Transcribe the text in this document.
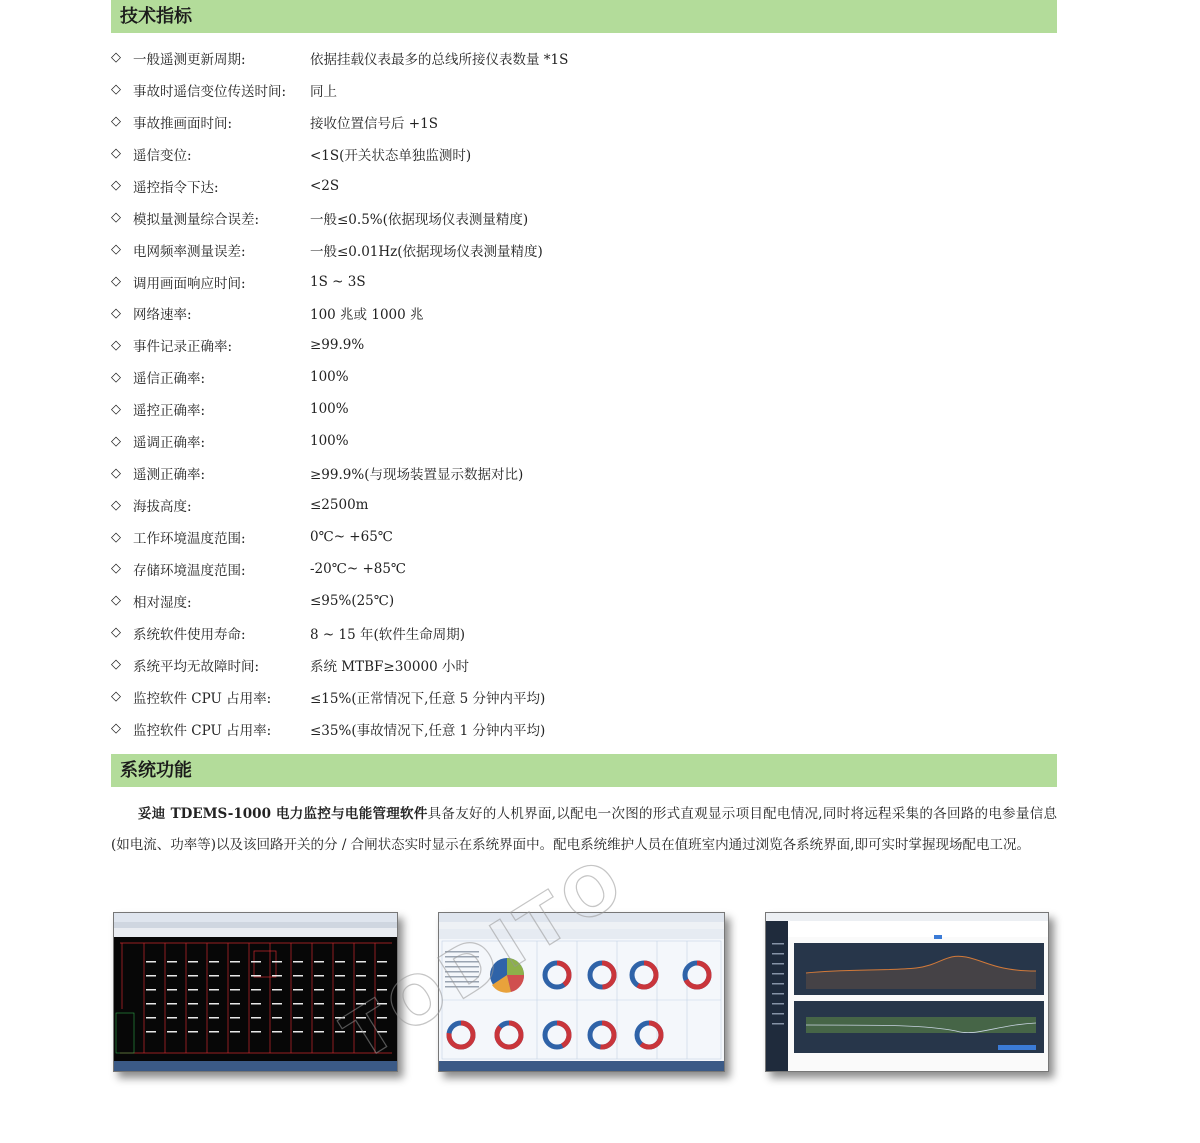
技术指标
◇ 一般遥测更新周期:	依据挂载仪表最多的总线所接仪表数量 *1S
◇ 事故时遥信变位传送时间:	同上
◇ 事故推画面时间:	接收位置信号后 +1S
◇ 遥信变位:	<1S(开关状态单独监测时)
◇ 遥控指令下达:	<2S
◇ 模拟量测量综合误差:	一般≤0.5%(依据现场仪表测量精度)
◇ 电网频率测量误差:	一般≤0.01Hz(依据现场仪表测量精度)
◇ 调用画面响应时间:	1S ~ 3S
◇ 网络速率:	100 兆或 1000 兆
◇ 事件记录正确率:	≥99.9%
◇ 遥信正确率:	100%
◇ 遥控正确率:	100%
◇ 遥调正确率:	100%
◇ 遥测正确率:	≥99.9%(与现场装置显示数据对比)
◇ 海拔高度:	≤2500m
◇ 工作环境温度范围:	0℃~ +65℃
◇ 存储环境温度范围:	-20℃~ +85℃
◇ 相对湿度:	≤95%(25℃)
◇ 系统软件使用寿命:	8 ~ 15 年(软件生命周期)
◇ 系统平均无故障时间:	系统 MTBF≥30000 小时
◇ 监控软件 CPU 占用率:	≤15%(正常情况下,任意 5 分钟内平均)
◇ 监控软件 CPU 占用率:	≤35%(事故情况下,任意 1 分钟内平均)
系统功能

妥迪 TDEMS-1000 电力监控与电能管理软件具备友好的人机界面,以配电一次图的形式直观显示项目配电情况,同时将远程采集的各回路的电参量信息(如电流、功率等)以及该回路开关的分 / 合闸状态实时显示在系统界面中。配电系统维护人员在值班室内通过浏览各系统界面,即可实时掌握现场配电工况。
